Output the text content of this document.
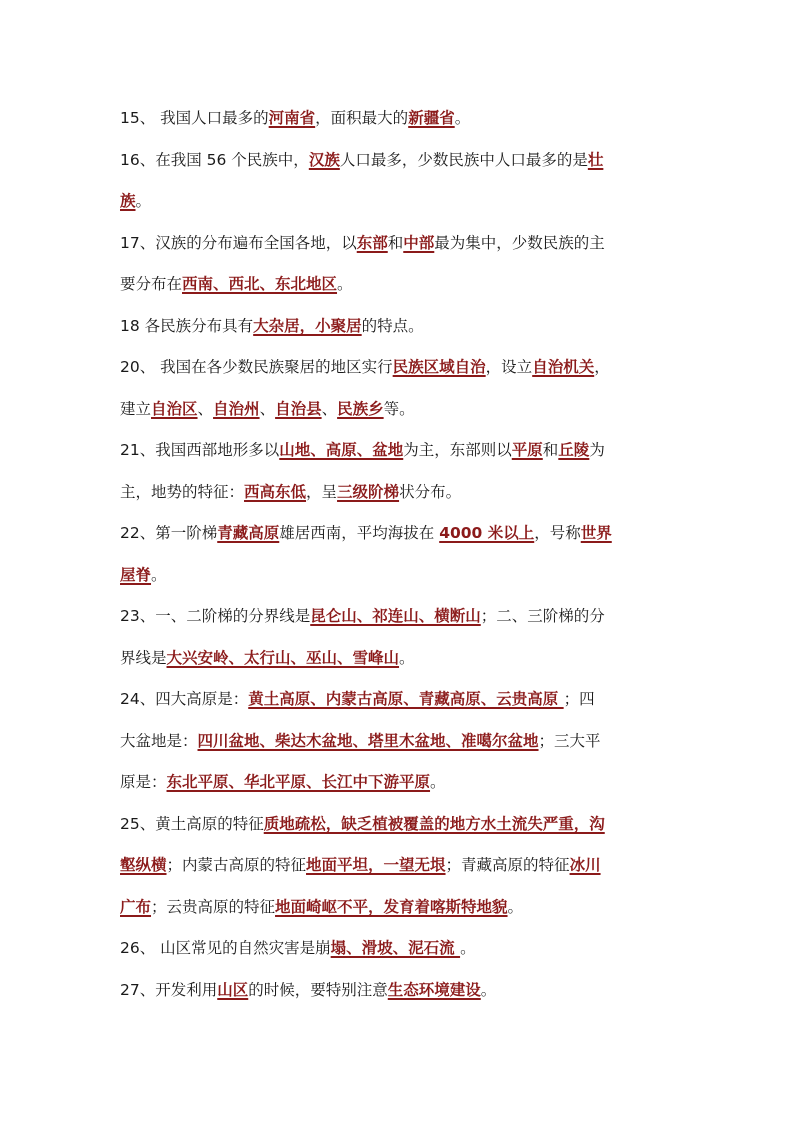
15、 我国人口最多的河南省，面积最大的新疆省。
16、在我国 56 个民族中，汉族人口最多，少数民族中人口最多的是壮
族。
17、汉族的分布遍布全国各地，以东部和中部最为集中，少数民族的主
要分布在西南、西北、东北地区。
18 各民族分布具有大杂居，小聚居的特点。
20、 我国在各少数民族聚居的地区实行民族区域自治，设立自治机关，
建立自治区、自治州、自治县、民族乡等。
21、我国西部地形多以山地、高原、盆地为主，东部则以平原和丘陵为
主，地势的特征：西高东低，呈三级阶梯状分布。
22、第一阶梯青藏高原雄居西南，平均海拔在 4000 米以上，号称世界
屋脊。
23、一、二阶梯的分界线是昆仑山、祁连山、横断山；二、三阶梯的分
界线是大兴安岭、太行山、巫山、雪峰山。
24、四大高原是：黄土高原、内蒙古高原、青藏高原、云贵高原 ；四
大盆地是：四川盆地、柴达木盆地、塔里木盆地、准噶尔盆地；三大平
原是：东北平原、华北平原、长江中下游平原。
25、黄土高原的特征质地疏松，缺乏植被覆盖的地方水土流失严重，沟
壑纵横；内蒙古高原的特征地面平坦，一望无垠；青藏高原的特征冰川
广布；云贵高原的特征地面崎岖不平，发育着喀斯特地貌。
26、 山区常见的自然灾害是崩塌、滑坡、泥石流 。
27、开发利用山区的时候，要特别注意生态环境建设。
